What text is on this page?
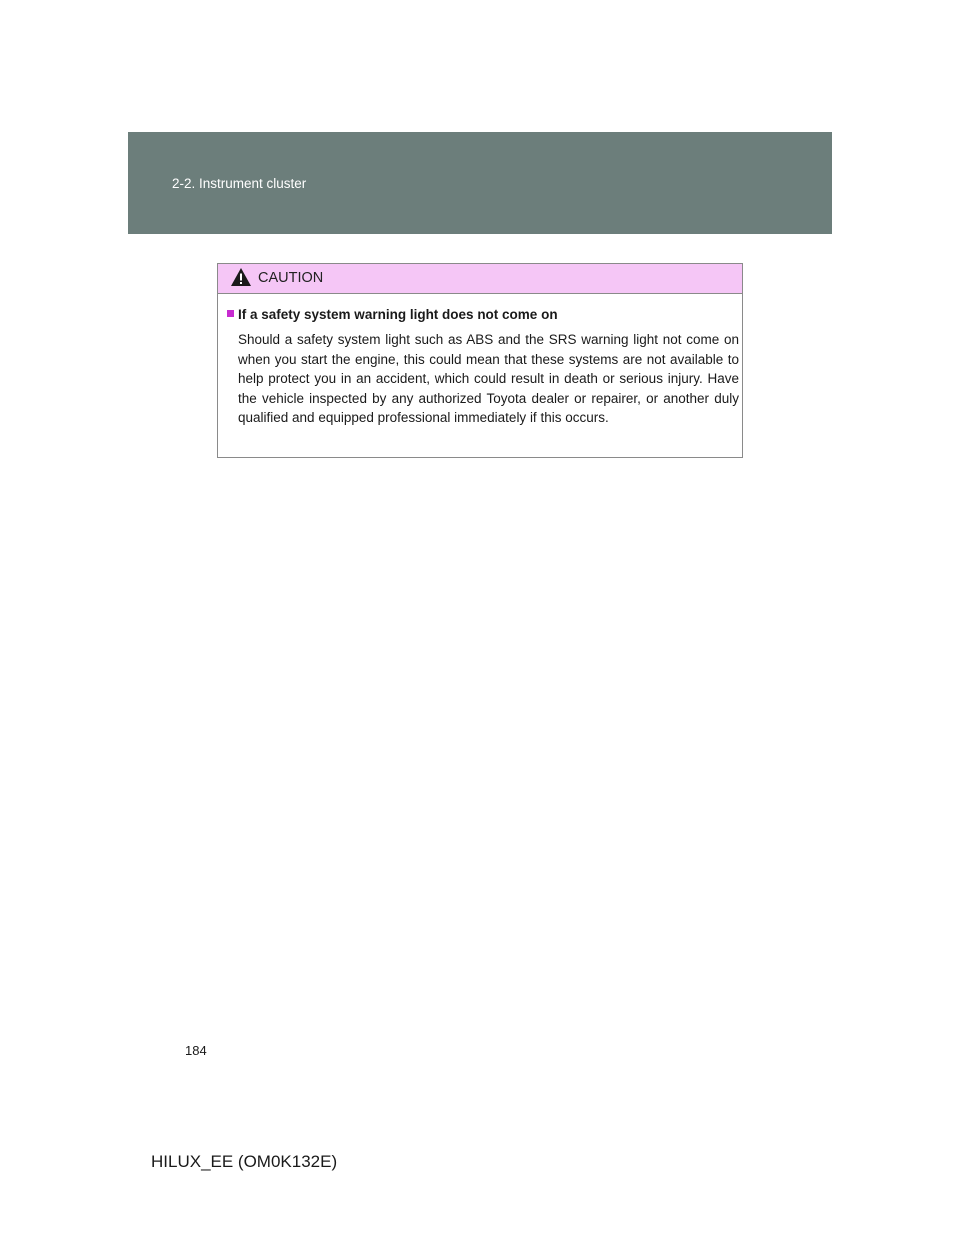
2-2. Instrument cluster
CAUTION
If a safety system warning light does not come on
Should a safety system light such as ABS and the SRS warning light not come on when you start the engine, this could mean that these systems are not available to help protect you in an accident, which could result in death or serious injury. Have the vehicle inspected by any authorized Toyota dealer or repairer, or another duly qualified and equipped professional immediately if this occurs.
184
HILUX_EE (OM0K132E)
